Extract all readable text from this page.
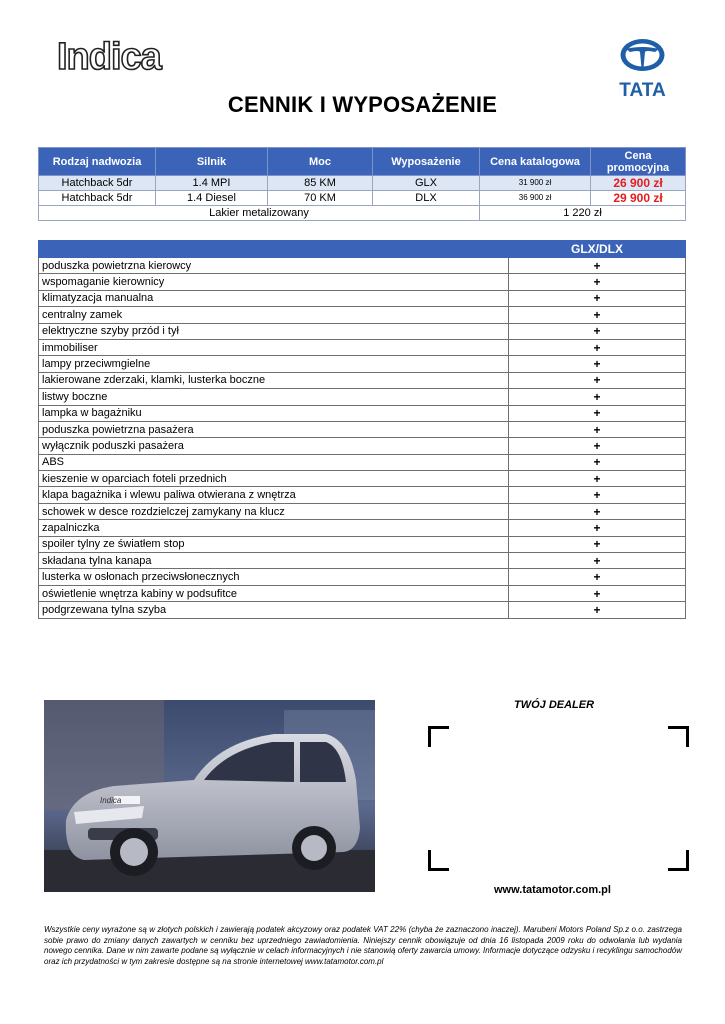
Indica
TATA
CENNIK I WYPOSAŻENIE
Rodzaj nadwozia	Silnik	Moc	Wyposażenie	Cena katalogowa	Cena promocyjna
Hatchback 5dr	1.4 MPI	85 KM	GLX	31 900 zł	26 900 zł
Hatchback 5dr	1.4 Diesel	70 KM	DLX	36 900 zł	29 900 zł
Lakier metalizowany				1 220 zł	
	GLX/DLX
poduszka powietrzna kierowcy	+
wspomaganie kierownicy	+
klimatyzacja manualna	+
centralny zamek	+
elektryczne szyby przód i tył	+
immobiliser	+
lampy przeciwmgielne	+
lakierowane zderzaki, klamki, lusterka boczne	+
listwy boczne	+
lampka w bagażniku	+
poduszka powietrzna pasażera	+
wyłącznik poduszki pasażera	+
ABS	+
kieszenie w oparciach foteli przednich	+
klapa bagażnika i wlewu paliwa otwierana z wnętrza	+
schowek w desce rozdzielczej zamykany na klucz	+
zapalniczka	+
spoiler tylny ze światłem stop	+
składana tylna kanapa	+
lusterka w osłonach przeciwsłonecznych	+
oświetlenie wnętrza kabiny w podsufitce	+
podgrzewana tylna szyba	+
Indica
TWÓJ DEALER
www.tatamotor.com.pl
Wszystkie ceny wyrażone są w złotych polskich i zawierają podatek akcyzowy oraz podatek VAT 22% (chyba że zaznaczono inaczej). Marubeni Motors Poland Sp.z o.o. zastrzega sobie prawo do zmiany danych zawartych w cenniku bez uprzedniego zawiadomienia. Niniejszy cennik obowiązuje od dnia 16 listopada 2009 roku do odwołania lub wydania nowego cennika. Dane w nim zawarte podane są wyłącznie w celach informacyjnych i nie stanowią oferty zawarcia umowy. Informacje dotyczące odzysku i recyklingu samochodów oraz ich przydatności w tym zakresie dostępne są na stronie internetowej www.tatamotor.com.pl
